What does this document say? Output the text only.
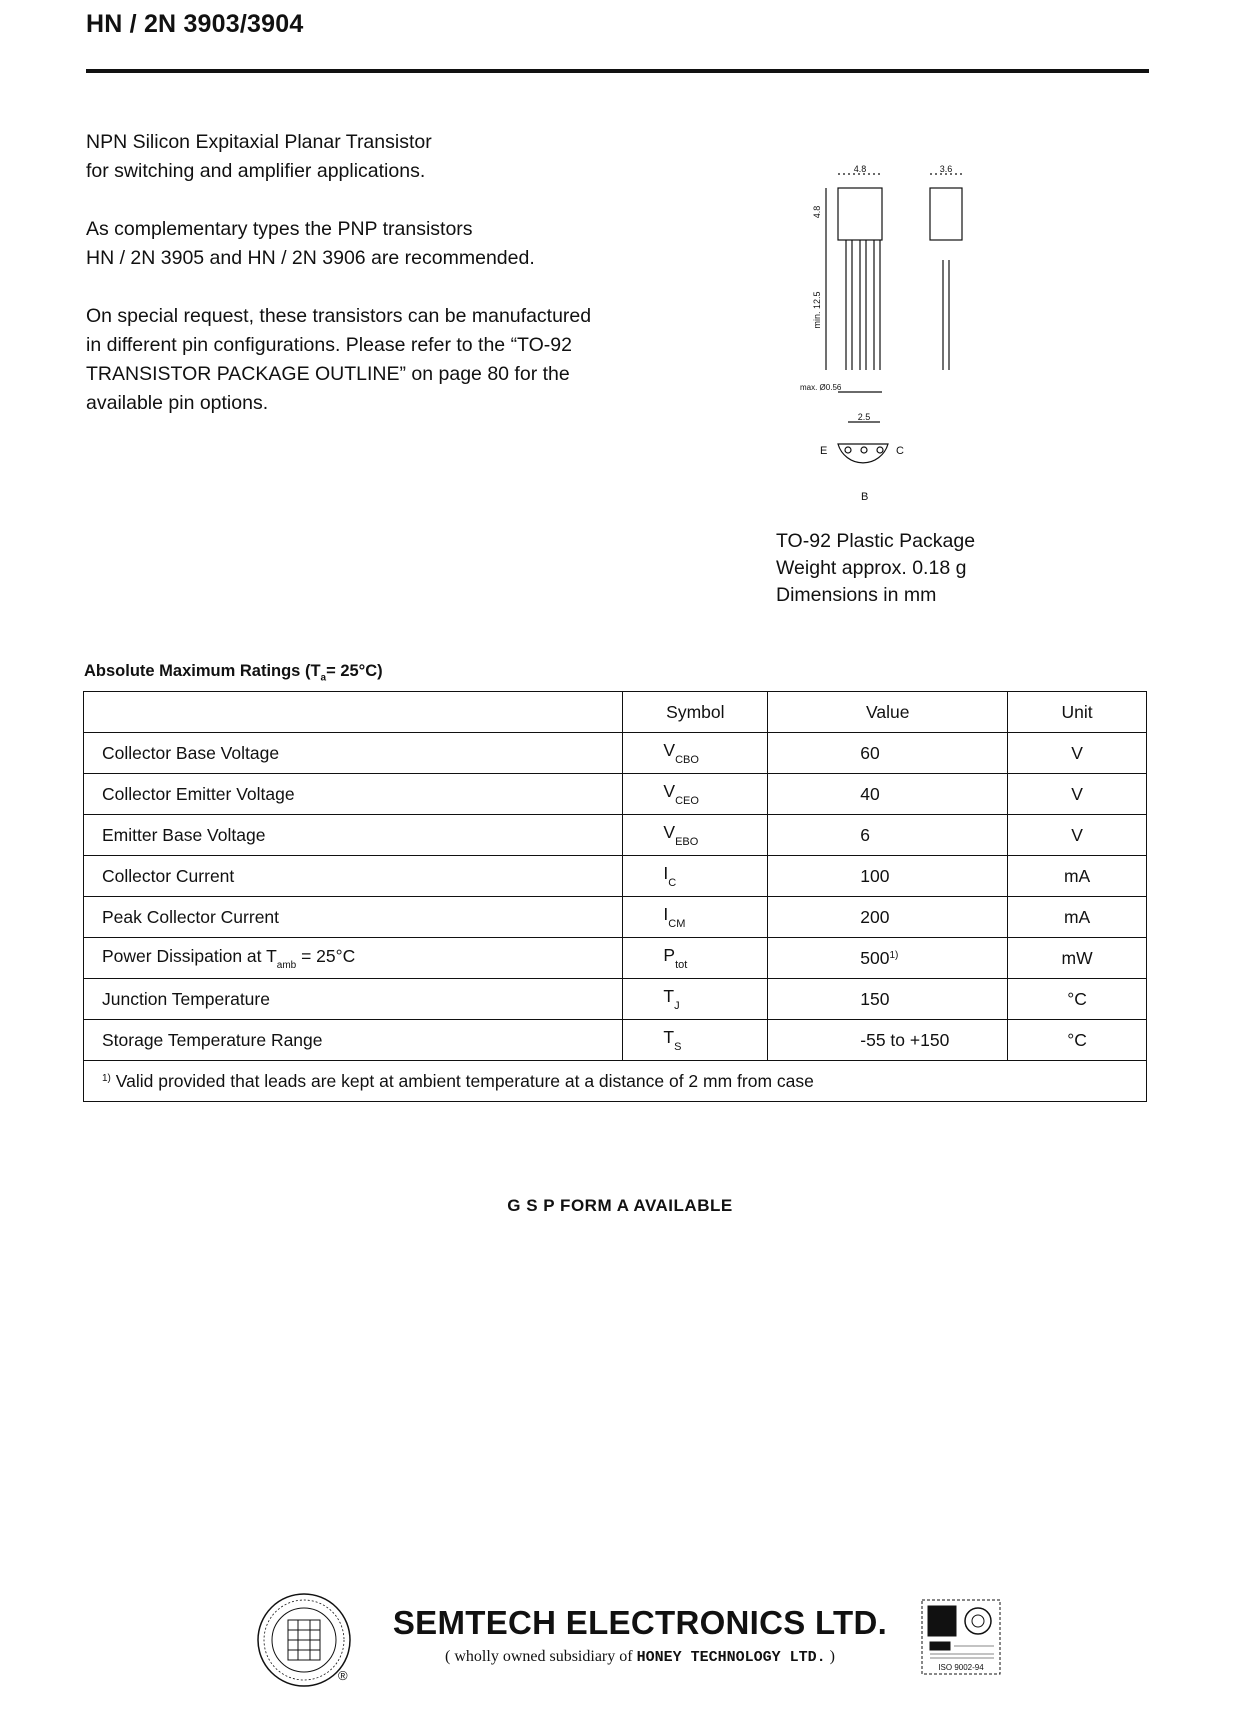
HN / 2N 3903/3904

NPN Silicon Expitaxial Planar Transistor
for switching and amplifier applications.

As complementary types the PNP transistors
HN / 2N 3905 and HN / 2N 3906 are recommended.

On special request, these transistors can be manufactured
in different pin configurations. Please refer to the “TO-92
TRANSISTOR PACKAGE OUTLINE” on page 80 for the
available pin options.

4.8	3.6
4.8
min. 12.5
max. Ø0.56
2.5
E	C
B
TO-92 Plastic Package
Weight approx. 0.18 g
Dimensions in mm
Absolute Maximum Ratings $(T_a= 25^\circ C)$
	Symbol	Value	Unit
Collector Base Voltage	$V_{CBO}$	60	V
Collector Emitter Voltage	$V_{CEO}$	40	V
Emitter Base Voltage	$V_{EBO}$	6	V
Collector Current	$I_C$	100	mA
Peak Collector Current	$I_{CM}$	200	mA
Power Dissipation at $T_{amb} = 25^\circ C$	$P_{tot}$	500$^{1)}$	mW
Junction Temperature	$T_J$	150	°C
Storage Temperature Range	$T_S$	-55 to +150	°C
$^{1)}$ Valid provided that leads are kept at ambient temperature at a distance of 2 mm from case			
G S P FORM A AVAILABLE
®
SEMTECH ELECTRONICS LTD.
( wholly owned subsidiary of HONEY TECHNOLOGY LTD. )
ISO 9002-94
